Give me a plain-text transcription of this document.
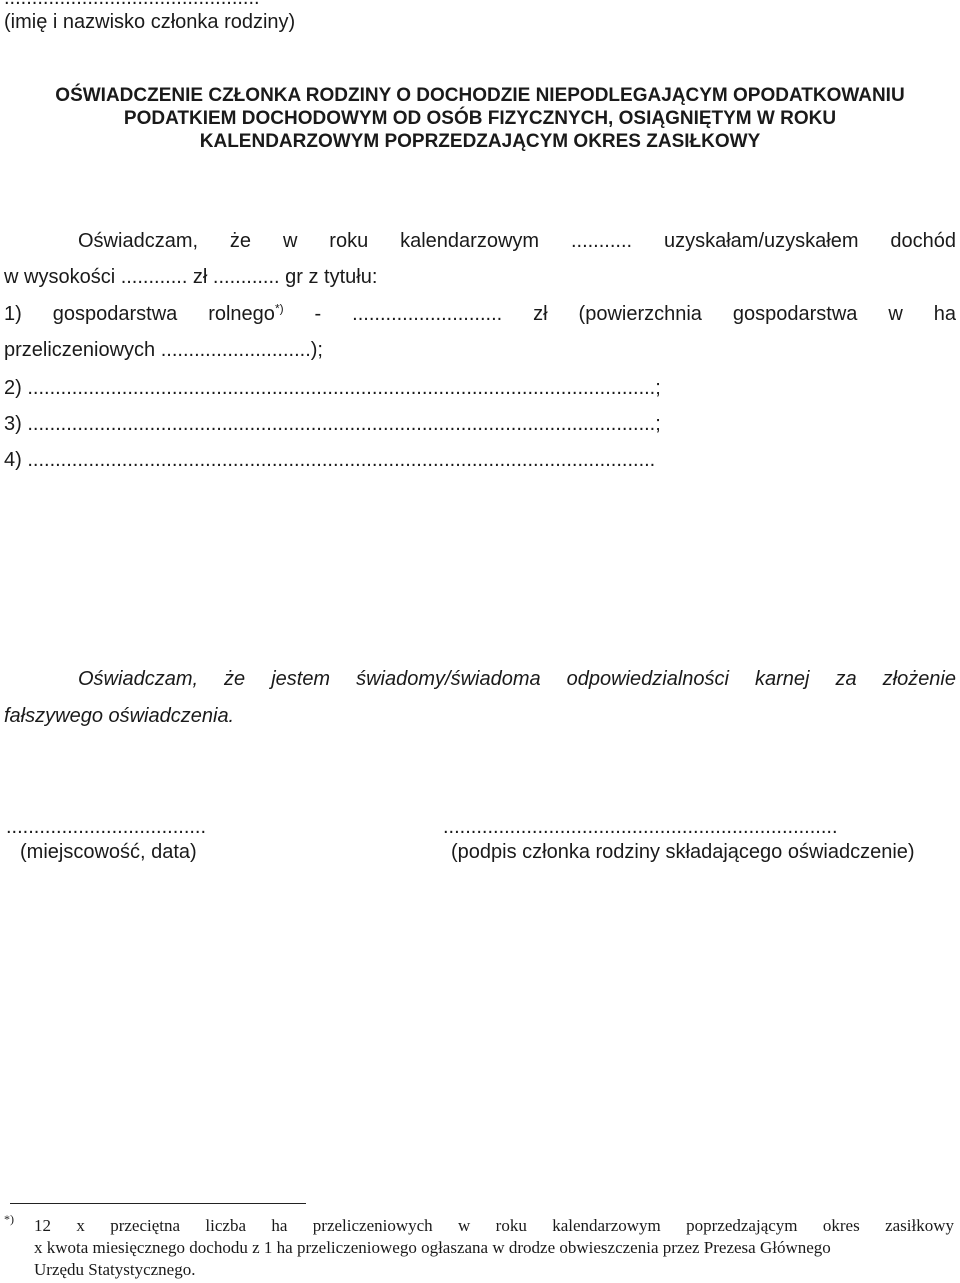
(imię i nazwisko członka rodziny)
OŚWIADCZENIE CZŁONKA RODZINY O DOCHODZIE NIEPODLEGAJĄCYM OPODATKOWANIU
PODATKIEM DOCHODOWYM OD OSÓB FIZYCZNYCH, OSIĄGNIĘTYM W ROKU
KALENDARZOWYM POPRZEDZAJĄCYM OKRES ZASIŁKOWY
Oświadczam, że w roku kalendarzowym ........... uzyskałam/uzyskałem dochód
w wysokości ............ zł ............ gr z tytułu:
1) gospodarstwa rolnego*) - ........................... zł (powierzchnia gospodarstwa w ha
przeliczeniowych ...........................);
2) .................................................................................................................;
3) .................................................................................................................;
4) .................................................................................................................
Oświadczam, że jestem świadomy/świadoma odpowiedzialności karnej za złożenie
fałszywego oświadczenia.
....................................
(miejscowość, data)
.......................................................................
(podpis członka rodziny składającego oświadczenie)
*) 12 x przeciętna liczba ha przeliczeniowych w roku kalendarzowym poprzedzającym okres zasiłkowy
x kwota miesięcznego dochodu z 1 ha przeliczeniowego ogłaszana w drodze obwieszczenia przez Prezesa Głównego
Urzędu Statystycznego.
